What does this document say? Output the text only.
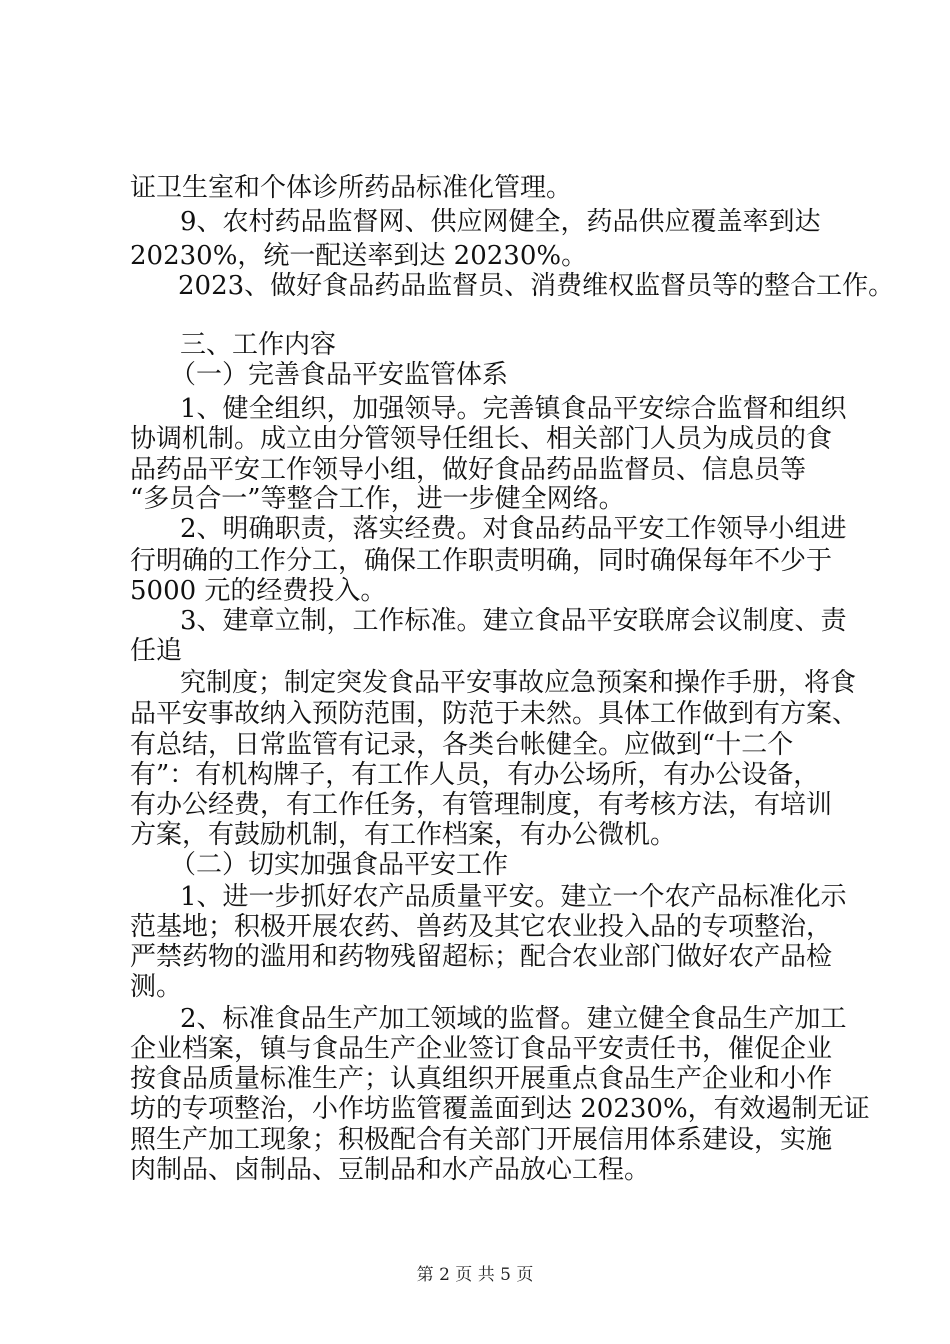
证卫生室和个体诊所药品标准化管理。
9、农村药品监督网、供应网健全，药品供应覆盖率到达
20230%，统一配送率到达 20230%。
2023、做好食品药品监督员、消费维权监督员等的整合工作。
三、工作内容
（一）完善食品平安监管体系
1、健全组织，加强领导。完善镇食品平安综合监督和组织
协调机制。成立由分管领导任组长、相关部门人员为成员的食
品药品平安工作领导小组，做好食品药品监督员、信息员等
“多员合一”等整合工作，进一步健全网络。
2、明确职责，落实经费。对食品药品平安工作领导小组进
行明确的工作分工，确保工作职责明确，同时确保每年不少于
5000 元的经费投入。
3、建章立制，工作标准。建立食品平安联席会议制度、责
任追
究制度；制定突发食品平安事故应急预案和操作手册，将食
品平安事故纳入预防范围，防范于未然。具体工作做到有方案、
有总结，日常监管有记录，各类台帐健全。应做到“十二个
有”：有机构牌子，有工作人员，有办公场所，有办公设备，
有办公经费，有工作任务，有管理制度，有考核方法，有培训
方案，有鼓励机制，有工作档案，有办公微机。
（二）切实加强食品平安工作
1、进一步抓好农产品质量平安。建立一个农产品标准化示
范基地；积极开展农药、兽药及其它农业投入品的专项整治，
严禁药物的滥用和药物残留超标；配合农业部门做好农产品检
测。
2、标准食品生产加工领域的监督。建立健全食品生产加工
企业档案，镇与食品生产企业签订食品平安责任书，催促企业
按食品质量标准生产；认真组织开展重点食品生产企业和小作
坊的专项整治，小作坊监管覆盖面到达 20230%，有效遏制无证
照生产加工现象；积极配合有关部门开展信用体系建设，实施
肉制品、卤制品、豆制品和水产品放心工程。
第 2 页 共 5 页
